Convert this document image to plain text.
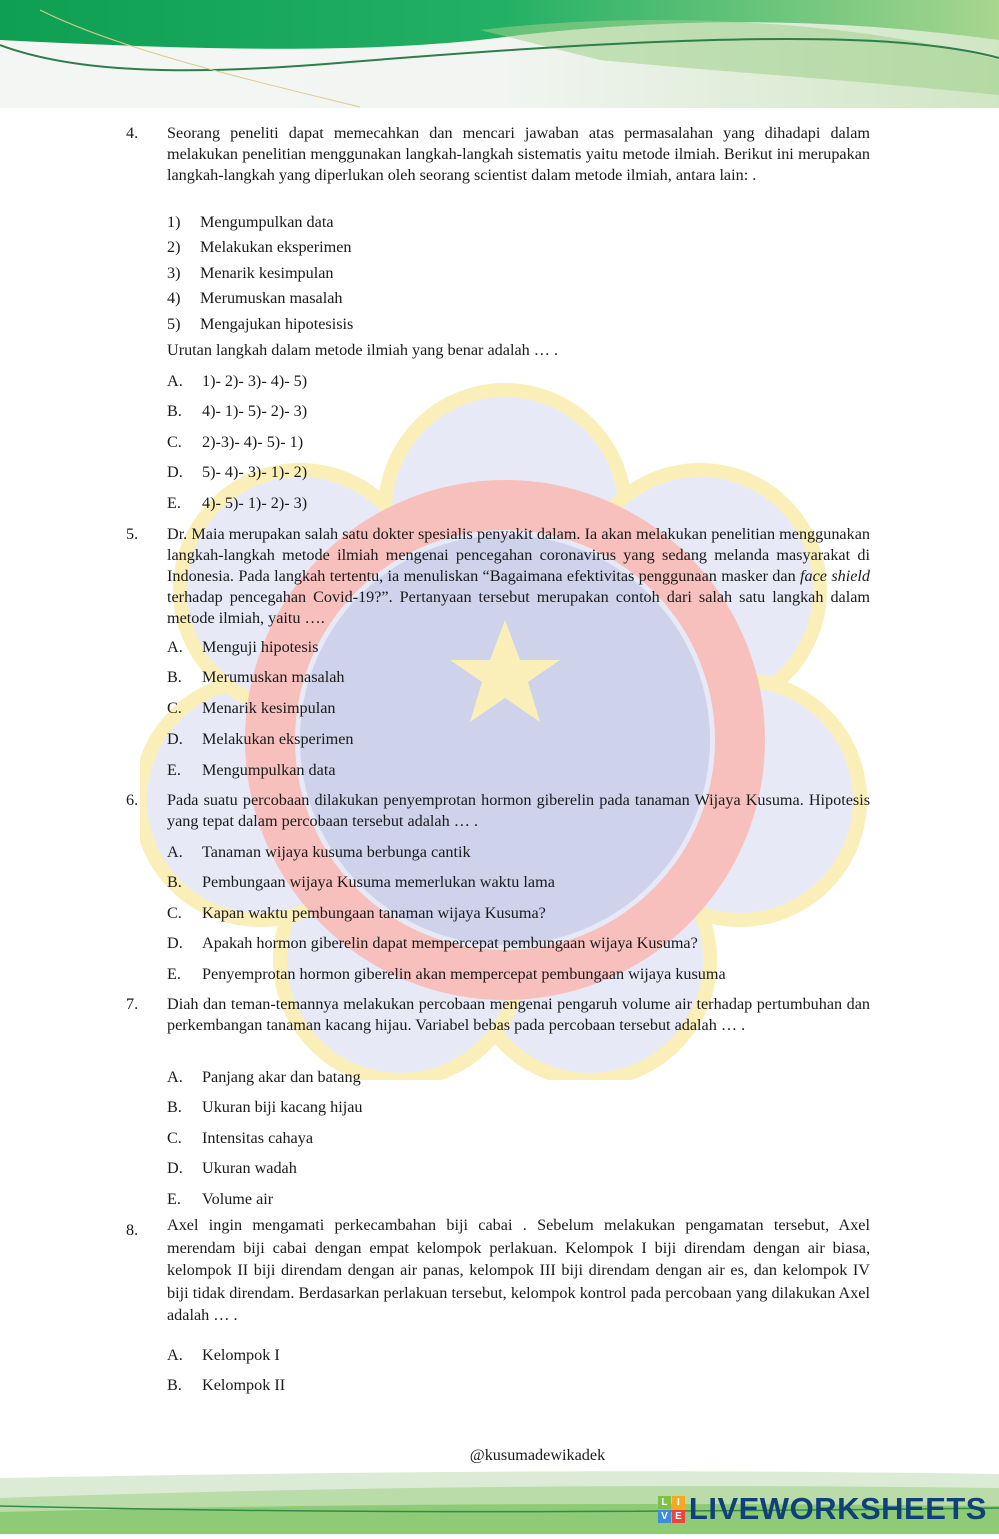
4. Seorang peneliti dapat memecahkan dan mencari jawaban atas permasalahan yang dihadapi dalam melakukan penelitian menggunakan langkah-langkah sistematis yaitu metode ilmiah. Berikut ini merupakan langkah-langkah yang diperlukan oleh seorang scientist dalam metode ilmiah, antara lain: .
1) Mengumpulkan data
2) Melakukan eksperimen
3) Menarik kesimpulan
4) Merumuskan masalah
5) Mengajukan hipotesisis
Urutan langkah dalam metode ilmiah yang benar adalah … .
A. 1)- 2)- 3)- 4)- 5)
B. 4)- 1)- 5)- 2)- 3)
C. 2)-3)- 4)- 5)- 1)
D. 5)- 4)- 3)- 1)- 2)
E. 4)- 5)- 1)- 2)- 3)
5. Dr. Maia merupakan salah satu dokter spesialis penyakit dalam. Ia akan melakukan penelitian menggunakan langkah-langkah metode ilmiah mengenai pencegahan coronavirus yang sedang melanda masyarakat di Indonesia. Pada langkah tertentu, ia menuliskan “Bagaimana efektivitas penggunaan masker dan face shield terhadap pencegahan Covid-19?”. Pertanyaan tersebut merupakan contoh dari salah satu langkah dalam metode ilmiah, yaitu ….
A. Menguji hipotesis
B. Merumuskan masalah
C. Menarik kesimpulan
D. Melakukan eksperimen
E. Mengumpulkan data
6. Pada suatu percobaan dilakukan penyemprotan hormon giberelin pada tanaman Wijaya Kusuma. Hipotesis yang tepat dalam percobaan tersebut adalah … .
A. Tanaman wijaya kusuma berbunga cantik
B. Pembungaan wijaya Kusuma memerlukan waktu lama
C. Kapan waktu pembungaan tanaman wijaya Kusuma?
D. Apakah hormon giberelin dapat mempercepat pembungaan wijaya Kusuma?
E. Penyemprotan hormon giberelin akan mempercepat pembungaan wijaya kusuma
7. Diah dan teman-temannya melakukan percobaan mengenai pengaruh volume air terhadap pertumbuhan dan perkembangan tanaman kacang hijau. Variabel bebas pada percobaan tersebut adalah … .
A. Panjang akar dan batang
B. Ukuran biji kacang hijau
C. Intensitas cahaya
D. Ukuran wadah
E. Volume air
8. Axel ingin mengamati perkecambahan biji cabai . Sebelum melakukan pengamatan tersebut, Axel merendam biji cabai dengan empat kelompok perlakuan. Kelompok I biji direndam dengan air biasa, kelompok II biji direndam dengan air panas, kelompok III biji direndam dengan air es, dan kelompok IV biji tidak direndam. Berdasarkan perlakuan tersebut, kelompok kontrol pada percobaan yang dilakukan Axel adalah … .
A. Kelompok I
B. Kelompok II
@kusumadewikadek
L I
V E LIVEWORKSHEETS
